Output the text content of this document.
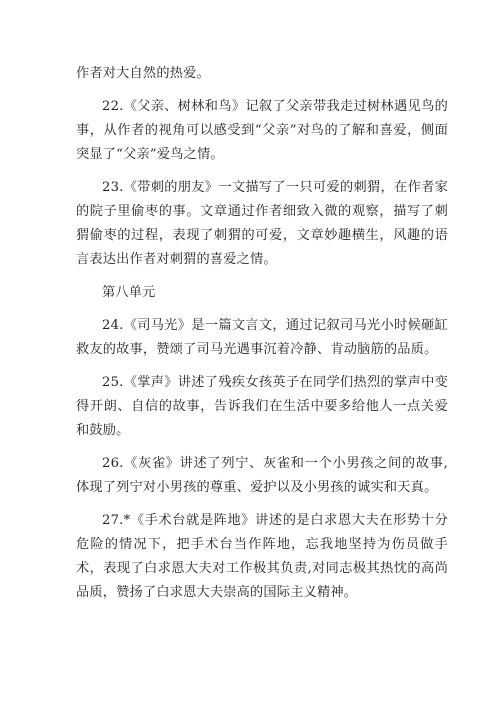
作者对大自然的热爱。

22.《父亲、树林和鸟》记叙了父亲带我走过树林遇见鸟的事，从作者的视角可以感受到“父亲”对鸟的了解和喜爱，侧面突显了“父亲”爱鸟之情。

23.《带刺的朋友》一文描写了一只可爱的刺猬，在作者家的院子里偷枣的事。文章通过作者细致入微的观察，描写了刺猬偷枣的过程，表现了刺猬的可爱，文章妙趣横生，风趣的语言表达出作者对刺猬的喜爱之情。

第八单元

24.《司马光》是一篇文言文，通过记叙司马光小时候砸缸救友的故事，赞颂了司马光遇事沉着冷静、肯动脑筋的品质。

25.《掌声》讲述了残疾女孩英子在同学们热烈的掌声中变得开朗、自信的故事，告诉我们在生活中要多给他人一点关爱和鼓励。

26.《灰雀》讲述了列宁、灰雀和一个小男孩之间的故事,体现了列宁对小男孩的尊重、爱护以及小男孩的诚实和天真。

27.*《手术台就是阵地》讲述的是白求恩大夫在形势十分危险的情况下，把手术台当作阵地，忘我地坚持为伤员做手术，表现了白求恩大夫对工作极其负责,对同志极其热忱的高尚品质，赞扬了白求恩大夫崇高的国际主义精神。
